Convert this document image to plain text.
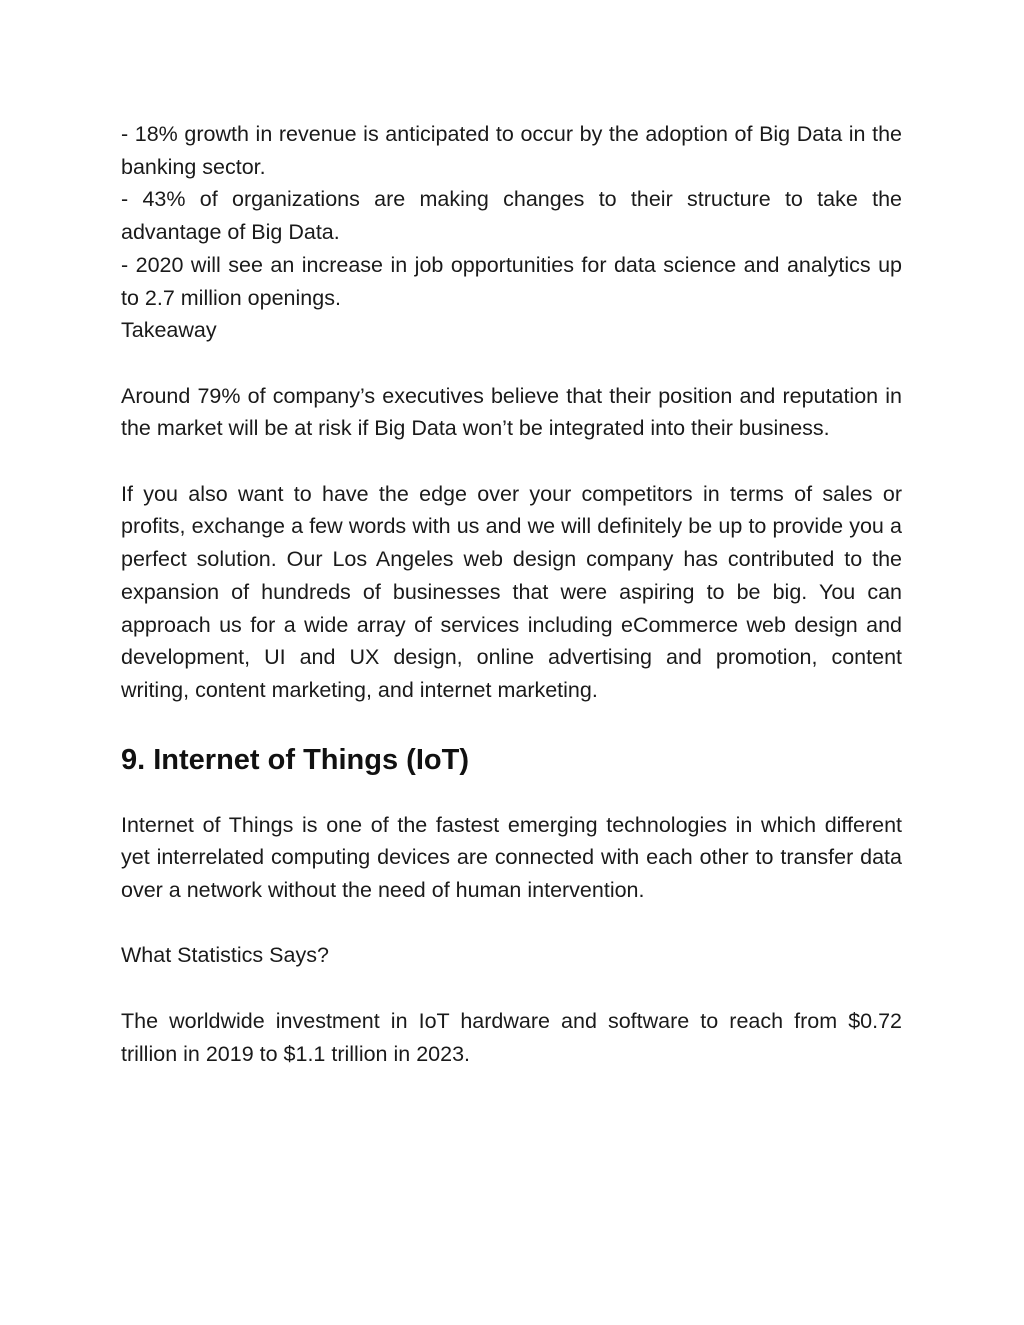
- 18% growth in revenue is anticipated to occur by the adoption of Big Data in the banking sector.

- 43% of organizations are making changes to their structure to take the advantage of Big Data.

- 2020 will see an increase in job opportunities for data science and analytics up to 2.7 million openings.

Takeaway

Around 79% of company’s executives believe that their position and reputation in the market will be at risk if Big Data won’t be integrated into their business.

If you also want to have the edge over your competitors in terms of sales or profits, exchange a few words with us and we will definitely be up to provide you a perfect solution. Our Los Angeles web design company has contributed to the expansion of hundreds of businesses that were aspiring to be big. You can approach us for a wide array of services including eCommerce web design and development, UI and UX design, online advertising and promotion, content writing, content marketing, and internet marketing.

9. Internet of Things (IoT)

Internet of Things is one of the fastest emerging technologies in which different yet interrelated computing devices are connected with each other to transfer data over a network without the need of human intervention.

What Statistics Says?

The worldwide investment in IoT hardware and software to reach from $0.72 trillion in 2019 to $1.1 trillion in 2023.
